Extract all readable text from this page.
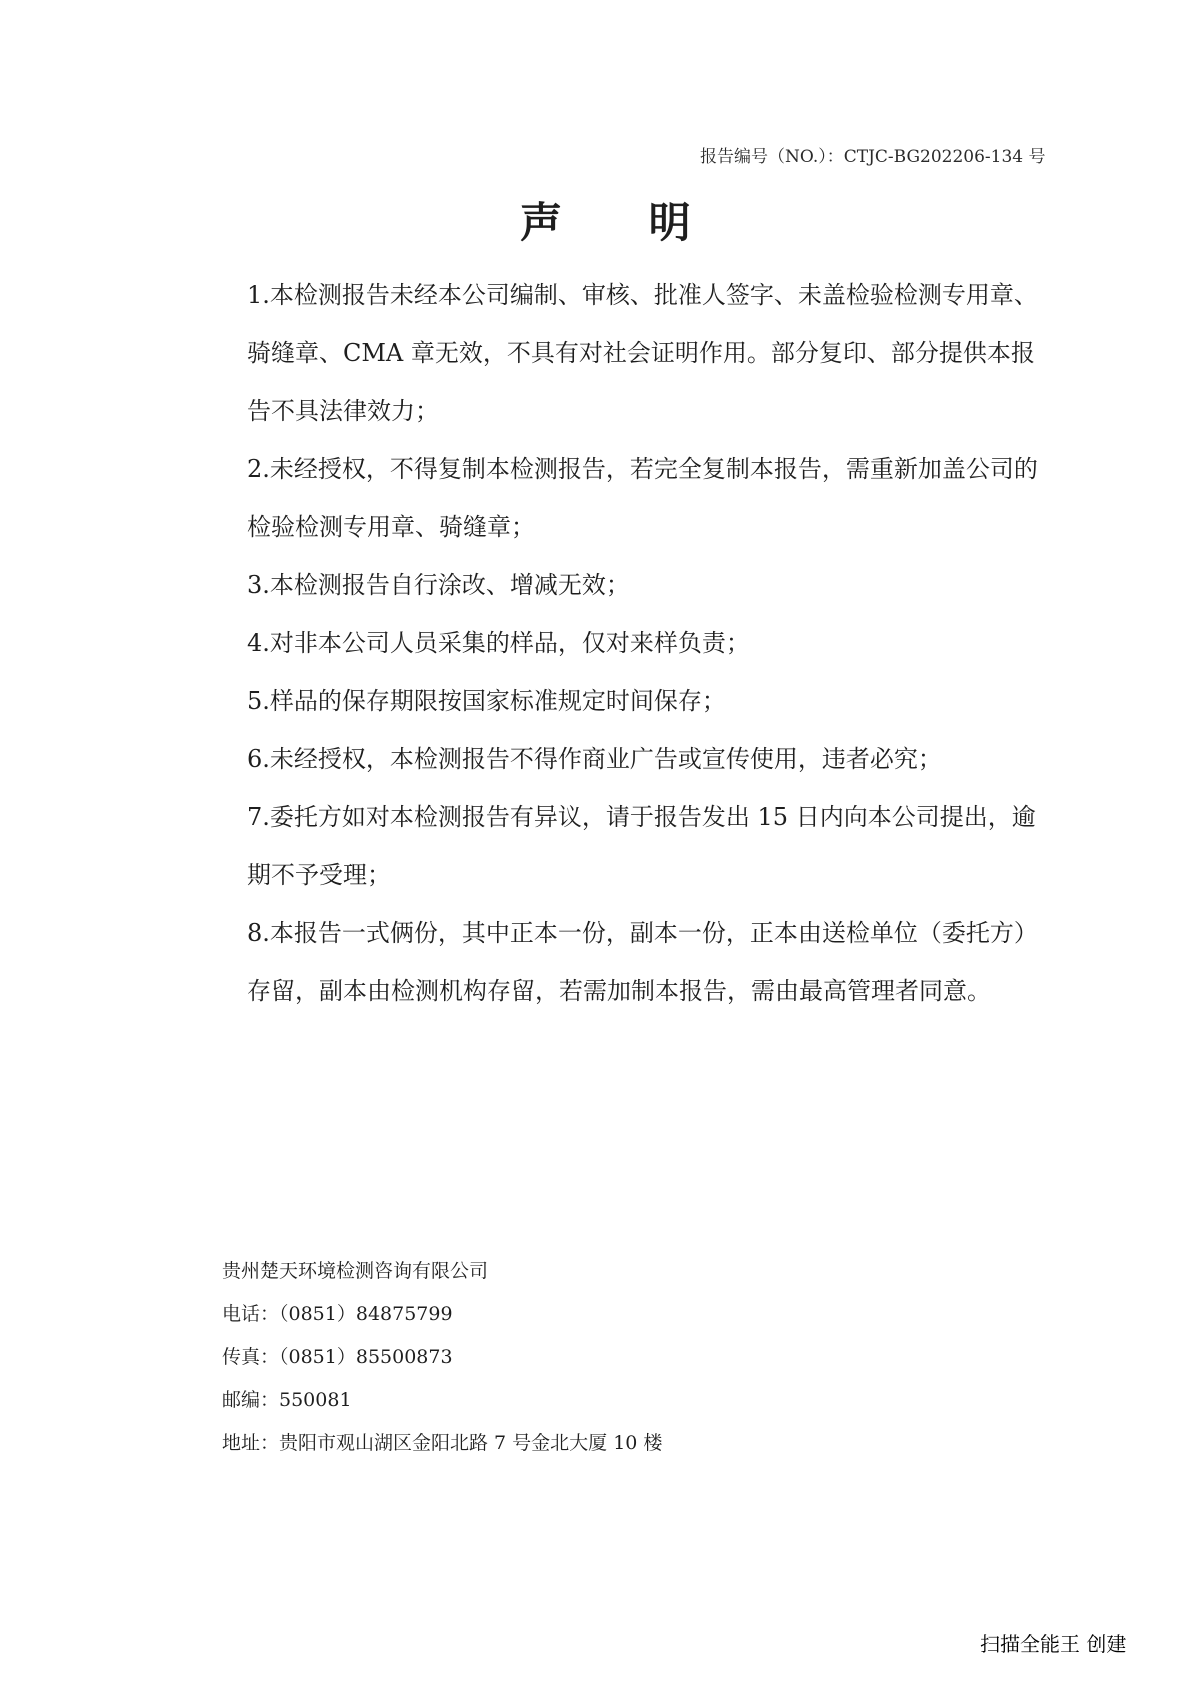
报告编号（NO.）：CTJC-BG202206-134 号
声 明

1.本检测报告未经本公司编制、审核、批准人签字、未盖检验检测专用章、骑缝章、CMA 章无效，不具有对社会证明作用。部分复印、部分提供本报告不具法律效力；

2.未经授权，不得复制本检测报告，若完全复制本报告，需重新加盖公司的检验检测专用章、骑缝章；

3.本检测报告自行涂改、增减无效；

4.对非本公司人员采集的样品，仅对来样负责；

5.样品的保存期限按国家标准规定时间保存；

6.未经授权，本检测报告不得作商业广告或宣传使用，违者必究；

7.委托方如对本检测报告有异议，请于报告发出 15 日内向本公司提出，逾期不予受理；

8.本报告一式俩份，其中正本一份，副本一份，正本由送检单位（委托方）存留，副本由检测机构存留，若需加制本报告，需由最高管理者同意。

贵州楚天环境检测咨询有限公司
电话：（0851）84875799
传真：（0851）85500873
邮编：550081
地址：贵阳市观山湖区金阳北路 7 号金北大厦 10 楼
扫描全能王 创建
